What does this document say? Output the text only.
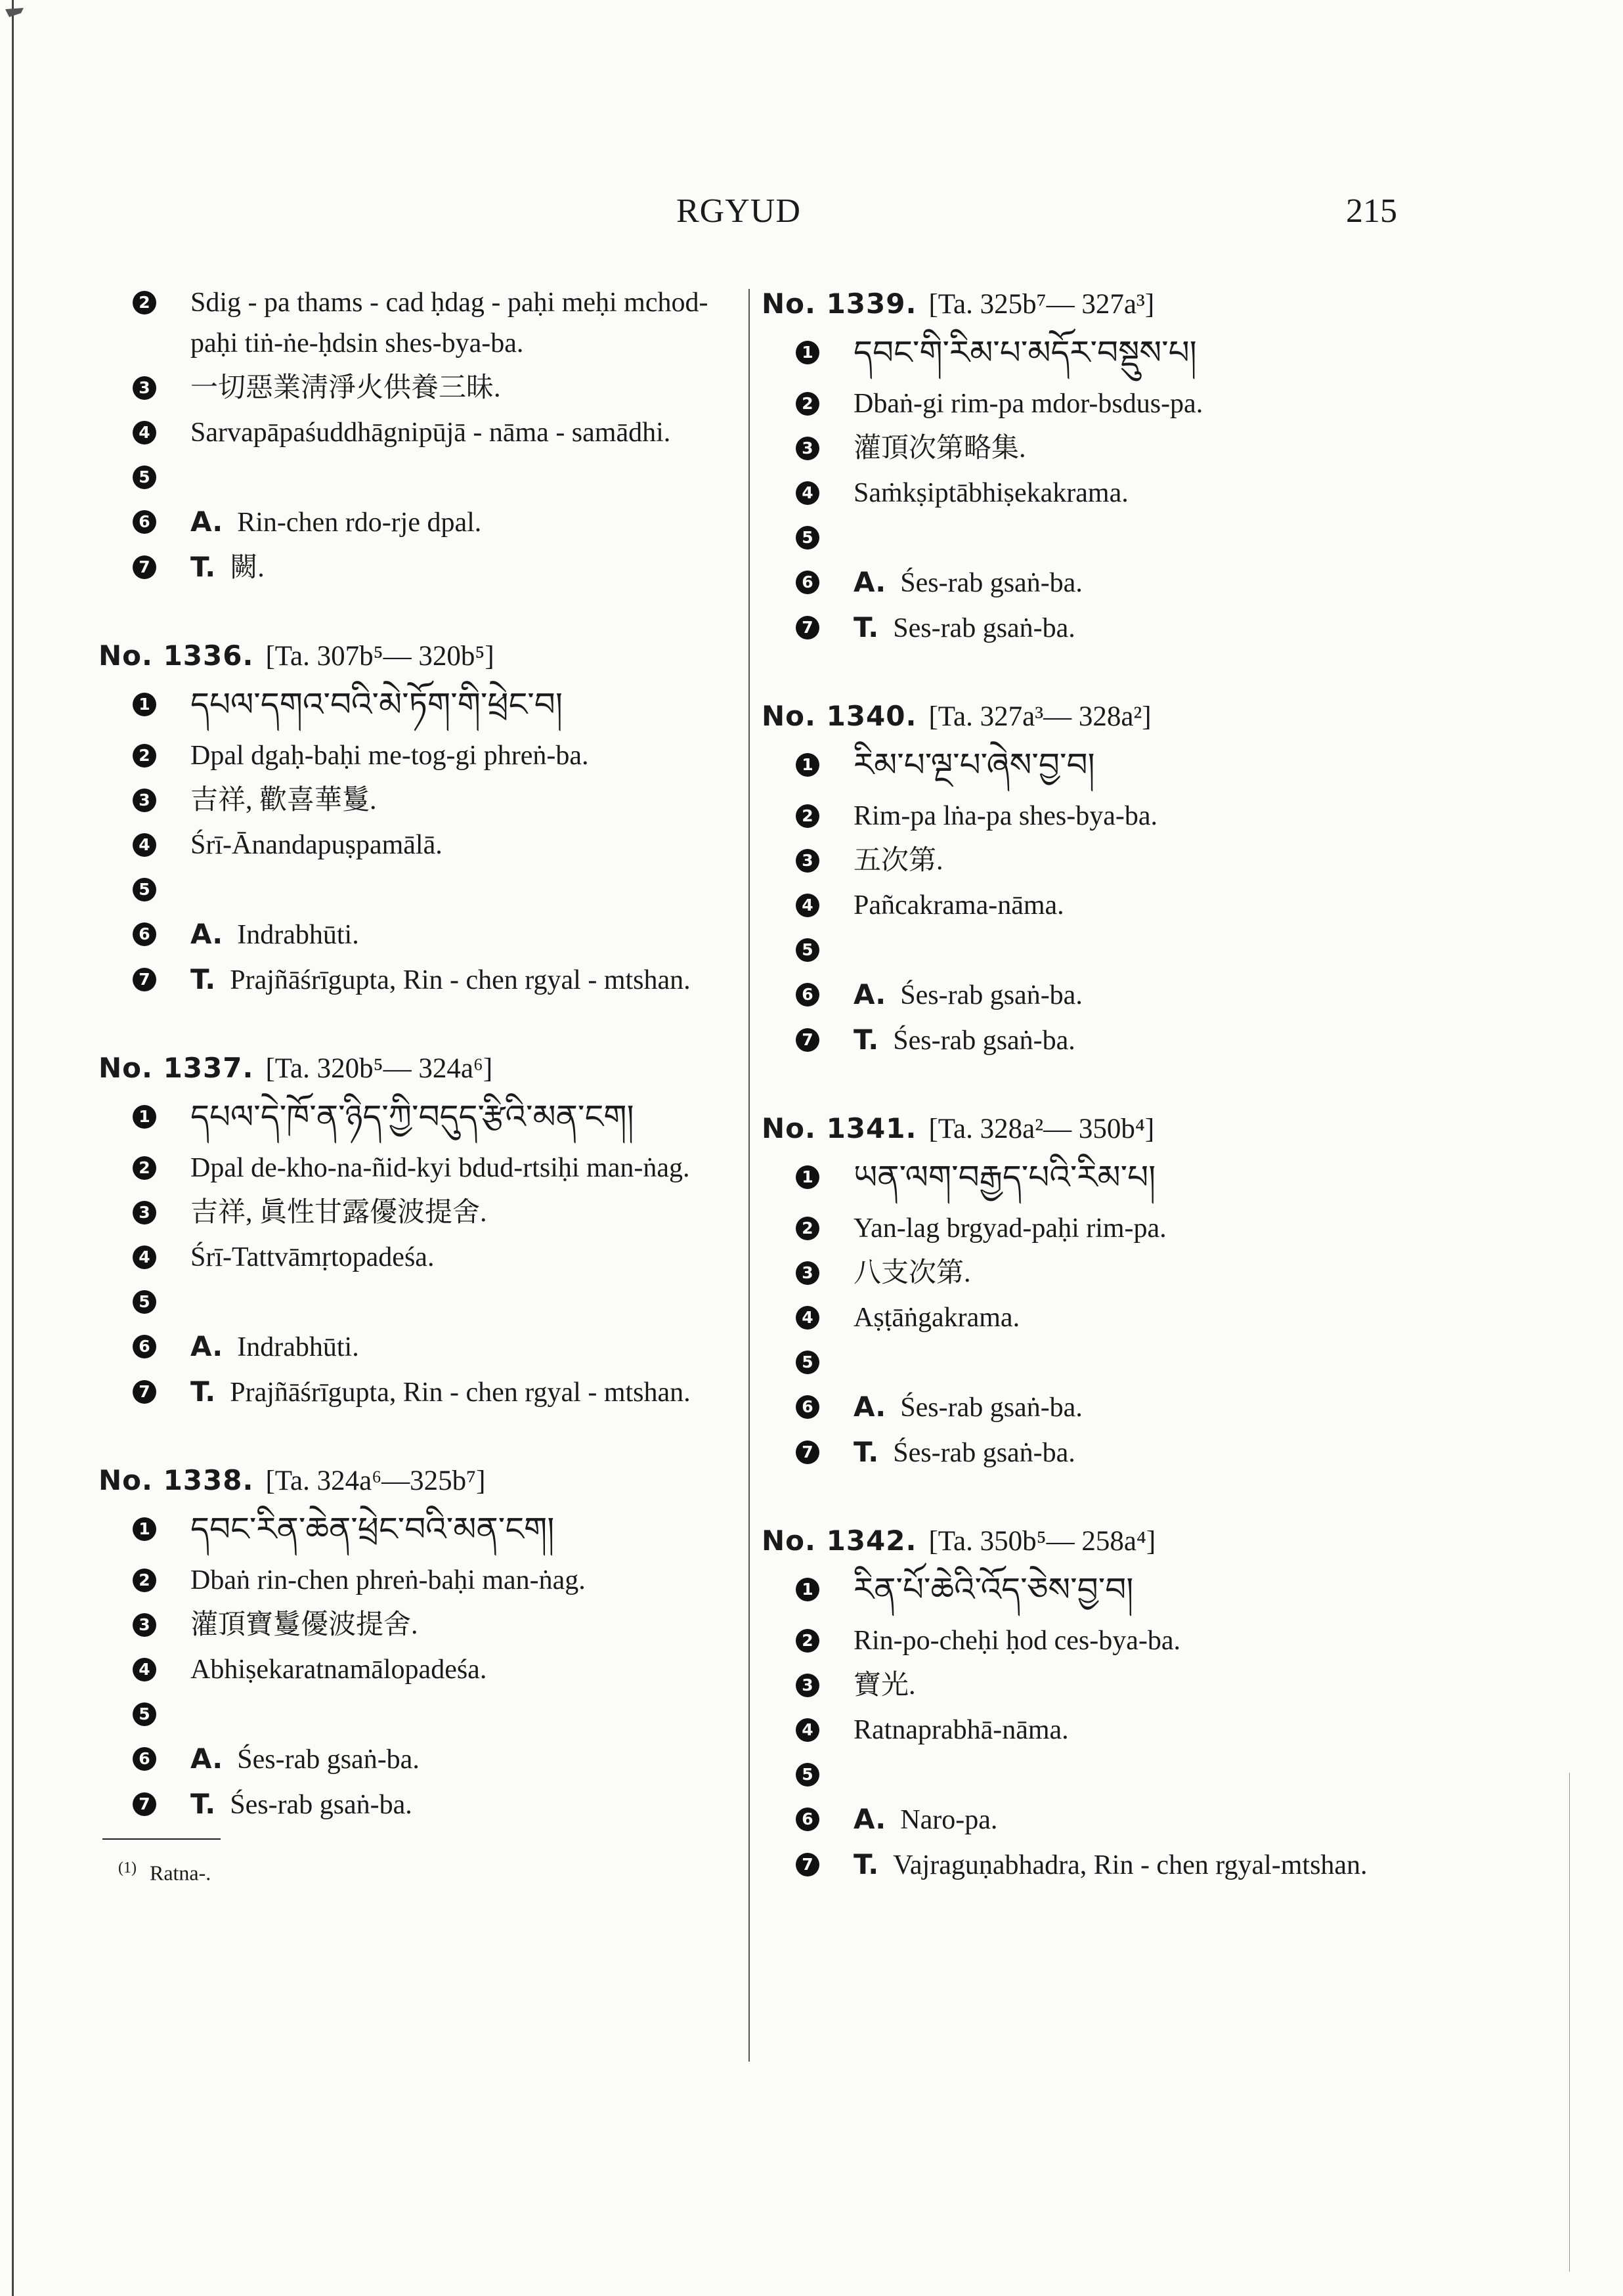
RGYUD	215
2 Sdig - pa thams - cad ḥdag - paḥi meḥi mchod-paḥi tiṅ-ṅe-ḥdsin shes-bya-ba.
3 一切惡業淸淨火供養三昧.
4 Sarvapāpaśuddhāgnipūjā - nāma - samādhi.
5
6 A. Rin-chen rdo-rje dpal.
7 T. 闕.
No. 1336. [Ta. 307b⁵— 320b⁵]
1 དཔལ་དགའ་བའི་མེ་ཏོག་གི་ཕྲེང་བ།
2 Dpal dgaḥ-baḥi me-tog-gi phreṅ-ba.
3 吉祥, 歡喜華鬘.
4 Śrī-Ānandapuṣpamālā.
5
6 A. Indrabhūti.
7 T. Prajñāśrīgupta, Rin - chen rgyal - mtshan.
No. 1337. [Ta. 320b⁵— 324a⁶]
1 དཔལ་དེ་ཁོ་ན་ཉིད་ཀྱི་བདུད་རྩིའི་མན་ངག།
2 Dpal de-kho-na-ñid-kyi bdud-rtsiḥi man-ṅag.
3 吉祥, 眞性甘露優波提舍.
4 Śrī-Tattvāmṛtopadeśa.
5
6 A. Indrabhūti.
7 T. Prajñāśrīgupta, Rin - chen rgyal - mtshan.
No. 1338. [Ta. 324a⁶—325b⁷]
1 དབང་རིན་ཆེན་ཕྲེང་བའི་མན་ངག།
2 Dbaṅ rin-chen phreṅ-baḥi man-ṅag.
3 灌頂寶鬘優波提舍.
4 Abhiṣekaratnamālopadeśa.
5
6 A. Śes-rab gsaṅ-ba.
7 T. Śes-rab gsaṅ-ba.
$^{(1)}$ Ratna-.
No. 1339. [Ta. 325b⁷— 327a³]
1 དབང་གི་རིམ་པ་མདོར་བསྡུས་པ།
2 Dbaṅ-gi rim-pa mdor-bsdus-pa.
3 灌頂次第略集.
4 Saṁkṣiptābhiṣekakrama.
5
6 A. Śes-rab gsaṅ-ba.
7 T. Ses-rab gsaṅ-ba.
No. 1340. [Ta. 327a³— 328a²]
1 རིམ་པ་ལྔ་པ་ཞེས་བྱ་བ།
2 Rim-pa lṅa-pa shes-bya-ba.
3 五次第.
4 Pañcakrama-nāma.
5
6 A. Śes-rab gsaṅ-ba.
7 T. Śes-rab gsaṅ-ba.
No. 1341. [Ta. 328a²— 350b⁴]
1 ཡན་ལག་བརྒྱད་པའི་རིམ་པ།
2 Yan-lag brgyad-paḥi rim-pa.
3 八支次第.
4 Aṣṭāṅgakrama.
5
6 A. Śes-rab gsaṅ-ba.
7 T. Śes-rab gsaṅ-ba.
No. 1342. [Ta. 350b⁵— 258a⁴]
1 རིན་པོ་ཆེའི་འོད་ཅེས་བྱ་བ།
2 Rin-po-cheḥi ḥod ces-bya-ba.
3 寶光.
4 Ratnaprabhā-nāma.
5
6 A. Naro-pa.
7 T. Vajraguṇabhadra, Rin - chen rgyal-mtshan.
